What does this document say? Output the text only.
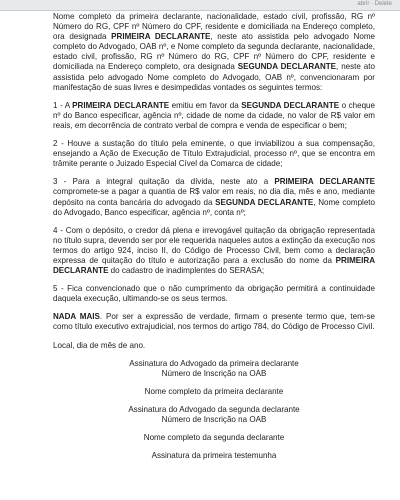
abrir · Delete

Nome completo da primeira declarante, nacionalidade, estado civil, profissão, RG nº Número do RG, CPF nº Número do CPF, residente e domiciliada na Endereço completo, ora designada PRIMEIRA DECLARANTE, neste ato assistida pelo advogado Nome completo do Advogado, OAB nº, e Nome completo da segunda declarante, nacionalidade, estado civil, profissão, RG nº Número do RG, CPF nº Número do CPF, residente e domiciliada na Endereço completo, ora designada SEGUNDA DECLARANTE, neste ato assistida pelo advogado Nome completo do Advogado, OAB nº, convencionaram por manifestação de suas livres e desimpedidas vontades os seguintes termos:

1 - A PRIMEIRA DECLARANTE emitiu em favor da SEGUNDA DECLARANTE o cheque nº do Banco especificar, agência nº, cidade de nome da cidade, no valor de R$ valor em reais, em decorrência de contrato verbal de compra e venda de especificar o bem;

2 - Houve a sustação do título pela eminente, o que inviabilizou a sua compensação, ensejando a Ação de Execução de Título Extrajudicial, processo nº, que se encontra em trâmite perante o Juizado Especial Cível da Comarca de cidade;

3 - Para a integral quitação da dívida, neste ato a PRIMEIRA DECLARANTE compromete-se a pagar a quantia de R$ valor em reais, no dia dia, mês e ano, mediante depósito na conta bancária do advogado da SEGUNDA DECLARANTE, Nome completo do Advogado, Banco especificar, agência nº, conta nº;

4 - Com o depósito, o credor dá plena e irrevogável quitação da obrigação representada no título supra, devendo ser por ele requerida naqueles autos a extinção da execução nos termos do artigo 924, inciso II, do Código de Processo Civil, bem como a declaração expressa de quitação do título e autorização para a exclusão do nome da PRIMEIRA DECLARANTE do cadastro de inadimplentes do SERASA;

5 - Fica convencionado que o não cumprimento da obrigação permitirá a continuidade daquela execução, ultimando-se os seus termos.

NADA MAIS. Por ser a expressão de verdade, firmam o presente termo que, tem-se como título executivo extrajudicial, nos termos do artigo 784, do Código de Processo Civil.

Local, dia de mês de ano.

Assinatura do Advogado da primeira declarante
Número de Inscrição na OAB
Nome completo da primeira declarante
Assinatura do Advogado da segunda declarante
Número de Inscrição na OAB
Nome completo da segunda declarante
Assinatura da primeira testemunha
